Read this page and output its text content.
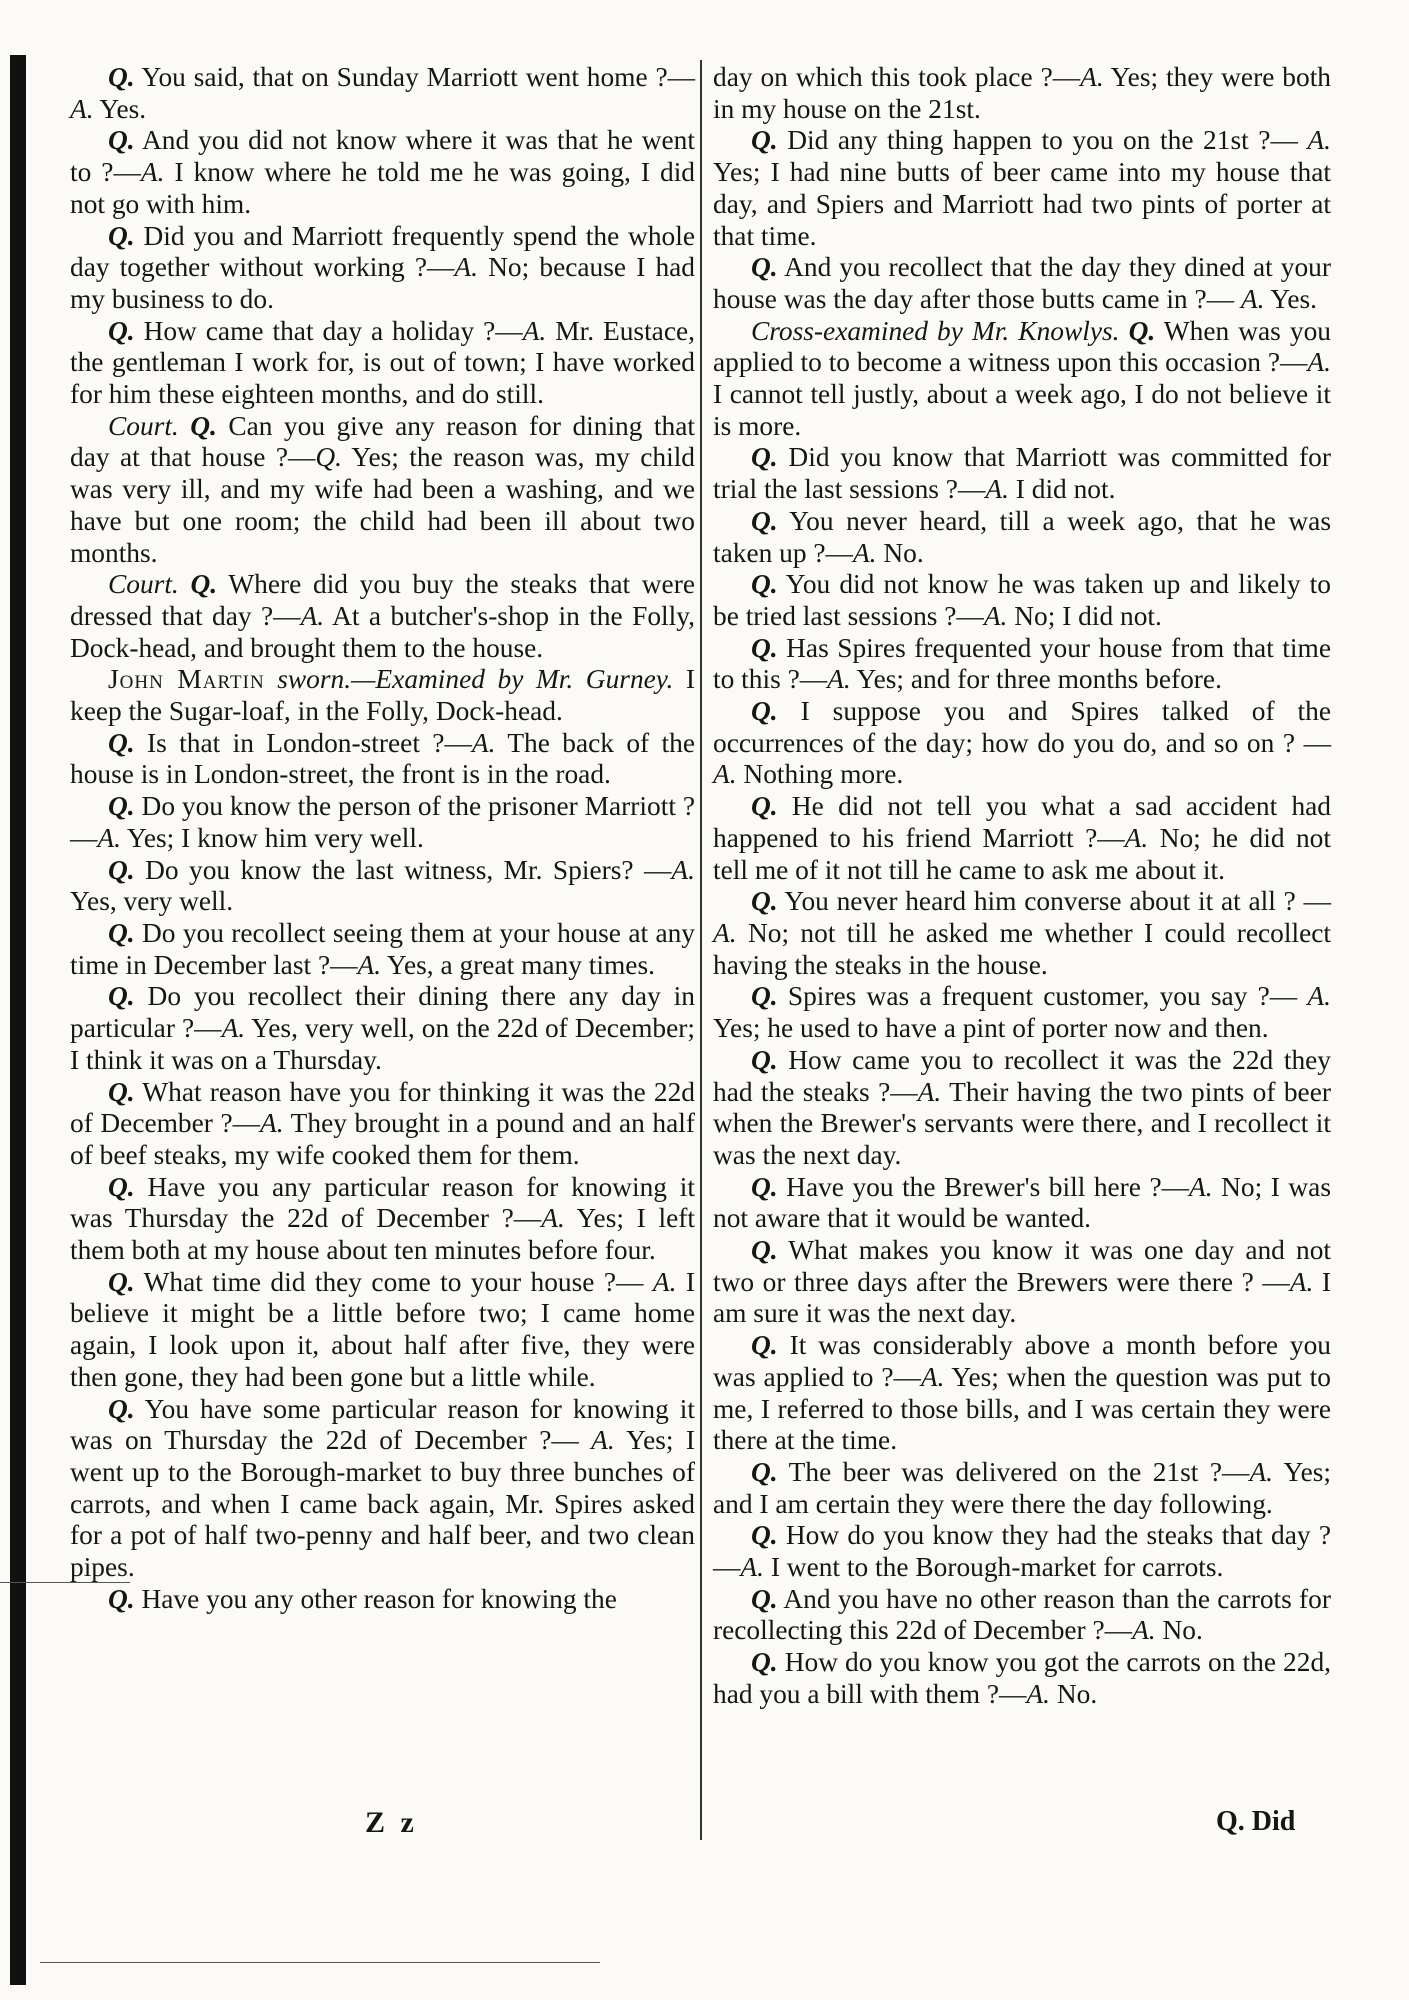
Q. You said, that on Sunday Marriott went home ?—A. Yes.

Q. And you did not know where it was that he went to ?—A. I know where he told me he was going, I did not go with him.

Q. Did you and Marriott frequently spend the whole day together without working ?—A. No; because I had my business to do.

Q. How came that day a holiday ?—A. Mr. Eustace, the gentleman I work for, is out of town; I have worked for him these eighteen months, and do still.

Court. Q. Can you give any reason for dining that day at that house ?—Q. Yes; the reason was, my child was very ill, and my wife had been a washing, and we have but one room; the child had been ill about two months.

Court. Q. Where did you buy the steaks that were dressed that day ?—A. At a butcher's-shop in the Folly, Dock-head, and brought them to the house.

John Martin sworn.—Examined by Mr. Gurney. I keep the Sugar-loaf, in the Folly, Dock-head.

Q. Is that in London-street ?—A. The back of the house is in London-street, the front is in the road.

Q. Do you know the person of the prisoner Marriott ?—A. Yes; I know him very well.

Q. Do you know the last witness, Mr. Spiers? —A. Yes, very well.

Q. Do you recollect seeing them at your house at any time in December last ?—A. Yes, a great many times.

Q. Do you recollect their dining there any day in particular ?—A. Yes, very well, on the 22d of December; I think it was on a Thursday.

Q. What reason have you for thinking it was the 22d of December ?—A. They brought in a pound and an half of beef steaks, my wife cooked them for them.

Q. Have you any particular reason for knowing it was Thursday the 22d of December ?—A. Yes; I left them both at my house about ten minutes before four.

Q. What time did they come to your house ?— A. I believe it might be a little before two; I came home again, I look upon it, about half after five, they were then gone, they had been gone but a little while.

Q. You have some particular reason for knowing it was on Thursday the 22d of December ?— A. Yes; I went up to the Borough-market to buy three bunches of carrots, and when I came back again, Mr. Spires asked for a pot of half two-penny and half beer, and two clean pipes.

Q. Have you any other reason for knowing the

day on which this took place ?—A. Yes; they were both in my house on the 21st.

Q. Did any thing happen to you on the 21st ?— A. Yes; I had nine butts of beer came into my house that day, and Spiers and Marriott had two pints of porter at that time.

Q. And you recollect that the day they dined at your house was the day after those butts came in ?— A. Yes.

Cross-examined by Mr. Knowlys. Q. When was you applied to to become a witness upon this occasion ?—A. I cannot tell justly, about a week ago, I do not believe it is more.

Q. Did you know that Marriott was committed for trial the last sessions ?—A. I did not.

Q. You never heard, till a week ago, that he was taken up ?—A. No.

Q. You did not know he was taken up and likely to be tried last sessions ?—A. No; I did not.

Q. Has Spires frequented your house from that time to this ?—A. Yes; and for three months before.

Q. I suppose you and Spires talked of the occurrences of the day; how do you do, and so on ? —A. Nothing more.

Q. He did not tell you what a sad accident had happened to his friend Marriott ?—A. No; he did not tell me of it not till he came to ask me about it.

Q. You never heard him converse about it at all ? —A. No; not till he asked me whether I could recollect having the steaks in the house.

Q. Spires was a frequent customer, you say ?— A. Yes; he used to have a pint of porter now and then.

Q. How came you to recollect it was the 22d they had the steaks ?—A. Their having the two pints of beer when the Brewer's servants were there, and I recollect it was the next day.

Q. Have you the Brewer's bill here ?—A. No; I was not aware that it would be wanted.

Q. What makes you know it was one day and not two or three days after the Brewers were there ? —A. I am sure it was the next day.

Q. It was considerably above a month before you was applied to ?—A. Yes; when the question was put to me, I referred to those bills, and I was certain they were there at the time.

Q. The beer was delivered on the 21st ?—A. Yes; and I am certain they were there the day following.

Q. How do you know they had the steaks that day ?—A. I went to the Borough-market for carrots.

Q. And you have no other reason than the carrots for recollecting this 22d of December ?—A. No.

Q. How do you know you got the carrots on the 22d, had you a bill with them ?—A. No.

Z z	Q. Did
